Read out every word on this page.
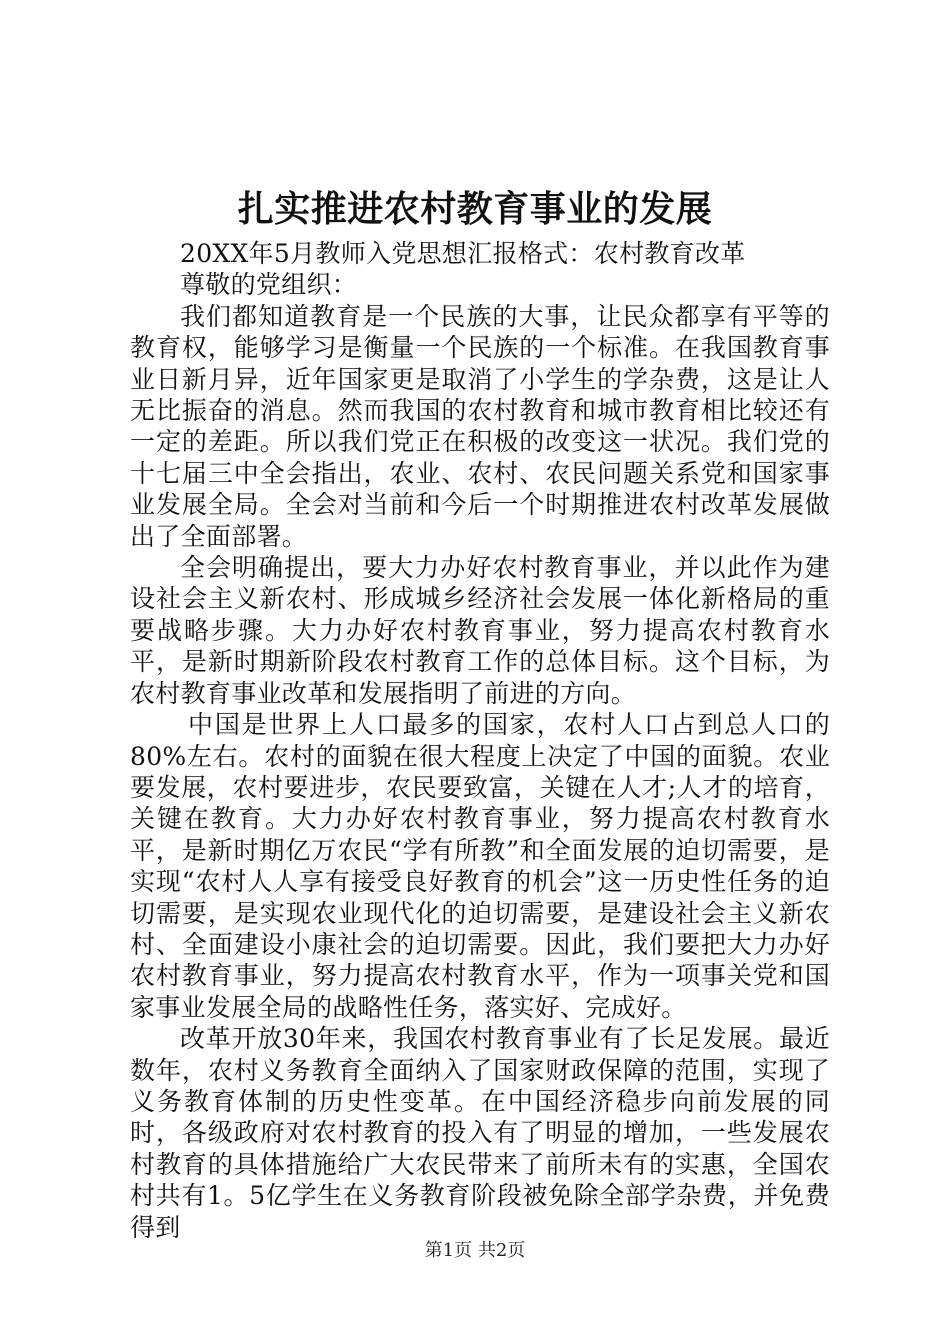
扎实推进农村教育事业的发展

20XX年5月教师入党思想汇报格式：农村教育改革

尊敬的党组织：

我们都知道教育是一个民族的大事，让民众都享有平等的教育权，能够学习是衡量一个民族的一个标准。在我国教育事业日新月异，近年国家更是取消了小学生的学杂费，这是让人无比振奋的消息。然而我国的农村教育和城市教育相比较还有一定的差距。所以我们党正在积极的改变这一状况。我们党的十七届三中全会指出，农业、农村、农民问题关系党和国家事业发展全局。全会对当前和今后一个时期推进农村改革发展做出了全面部署。

全会明确提出，要大力办好农村教育事业，并以此作为建设社会主义新农村、形成城乡经济社会发展一体化新格局的重要战略步骤。大力办好农村教育事业，努力提高农村教育水平，是新时期新阶段农村教育工作的总体目标。这个目标，为农村教育事业改革和发展指明了前进的方向。

中国是世界上人口最多的国家，农村人口占到总人口的80%左右。农村的面貌在很大程度上决定了中国的面貌。农业要发展，农村要进步，农民要致富，关键在人才;人才的培育，关键在教育。大力办好农村教育事业，努力提高农村教育水平，是新时期亿万农民“学有所教”和全面发展的迫切需要，是实现“农村人人享有接受良好教育的机会”这一历史性任务的迫切需要，是实现农业现代化的迫切需要，是建设社会主义新农村、全面建设小康社会的迫切需要。因此，我们要把大力办好农村教育事业，努力提高农村教育水平，作为一项事关党和国家事业发展全局的战略性任务，落实好、完成好。

改革开放30年来，我国农村教育事业有了长足发展。最近数年，农村义务教育全面纳入了国家财政保障的范围，实现了义务教育体制的历史性变革。在中国经济稳步向前发展的同时，各级政府对农村教育的投入有了明显的增加，一些发展农村教育的具体措施给广大农民带来了前所未有的实惠，全国农村共有1。5亿学生在义务教育阶段被免除全部学杂费，并免费得到

第1页 共2页
